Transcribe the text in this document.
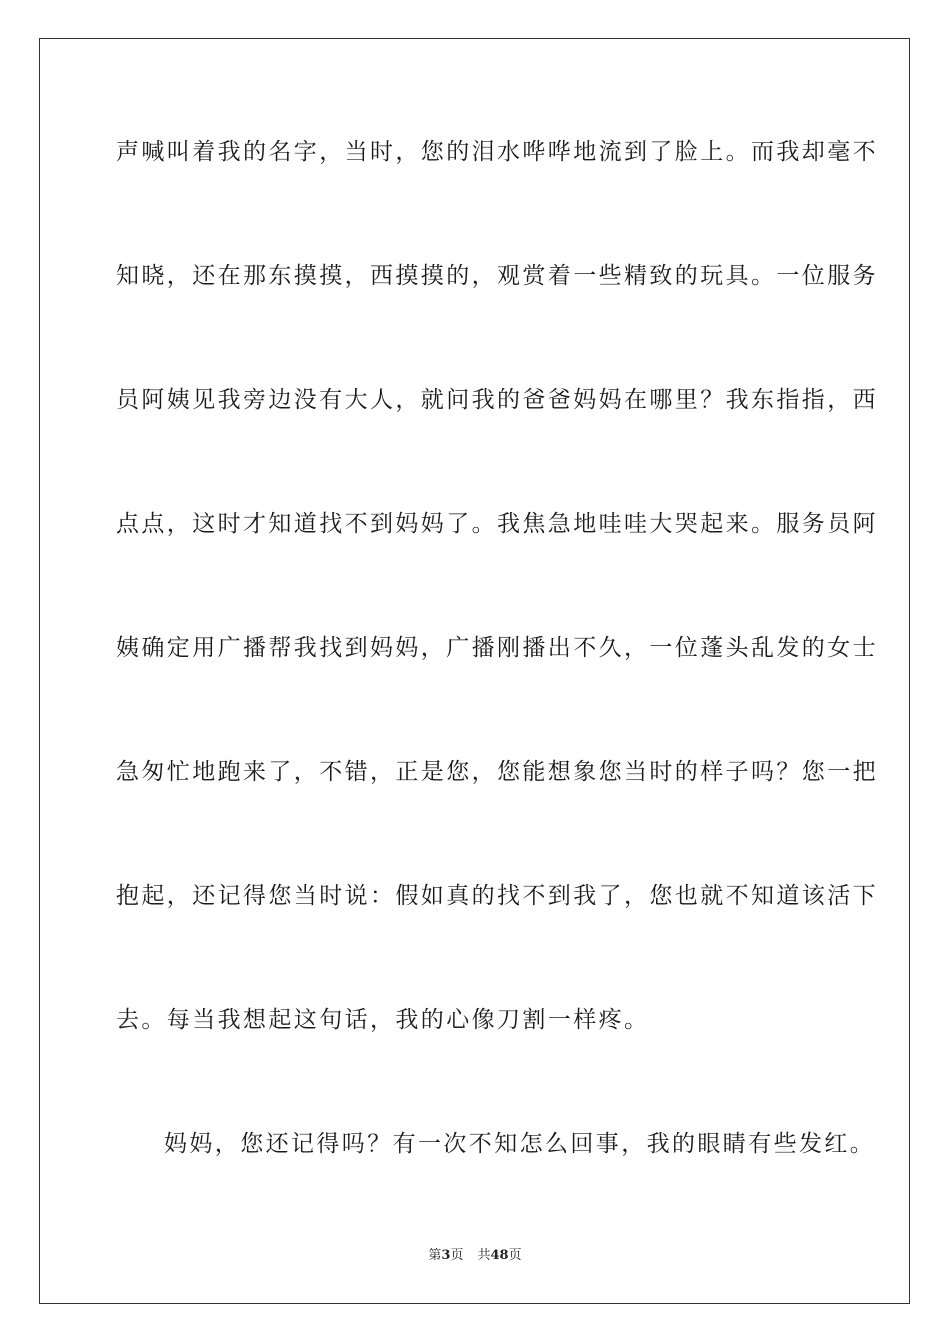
声喊叫着我的名字，当时，您的泪水哗哗地流到了脸上。而我却毫不
知晓，还在那东摸摸，西摸摸的，观赏着一些精致的玩具。一位服务
员阿姨见我旁边没有大人，就问我的爸爸妈妈在哪里？我东指指，西
点点，这时才知道找不到妈妈了。我焦急地哇哇大哭起来。服务员阿
姨确定用广播帮我找到妈妈，广播刚播出不久，一位蓬头乱发的女士
急匆忙地跑来了，不错，正是您，您能想象您当时的样子吗？您一把
抱起，还记得您当时说：假如真的找不到我了，您也就不知道该活下
去。每当我想起这句话，我的心像刀割一样疼。
妈妈，您还记得吗？有一次不知怎么回事，我的眼睛有些发红。
第3页 共48页
